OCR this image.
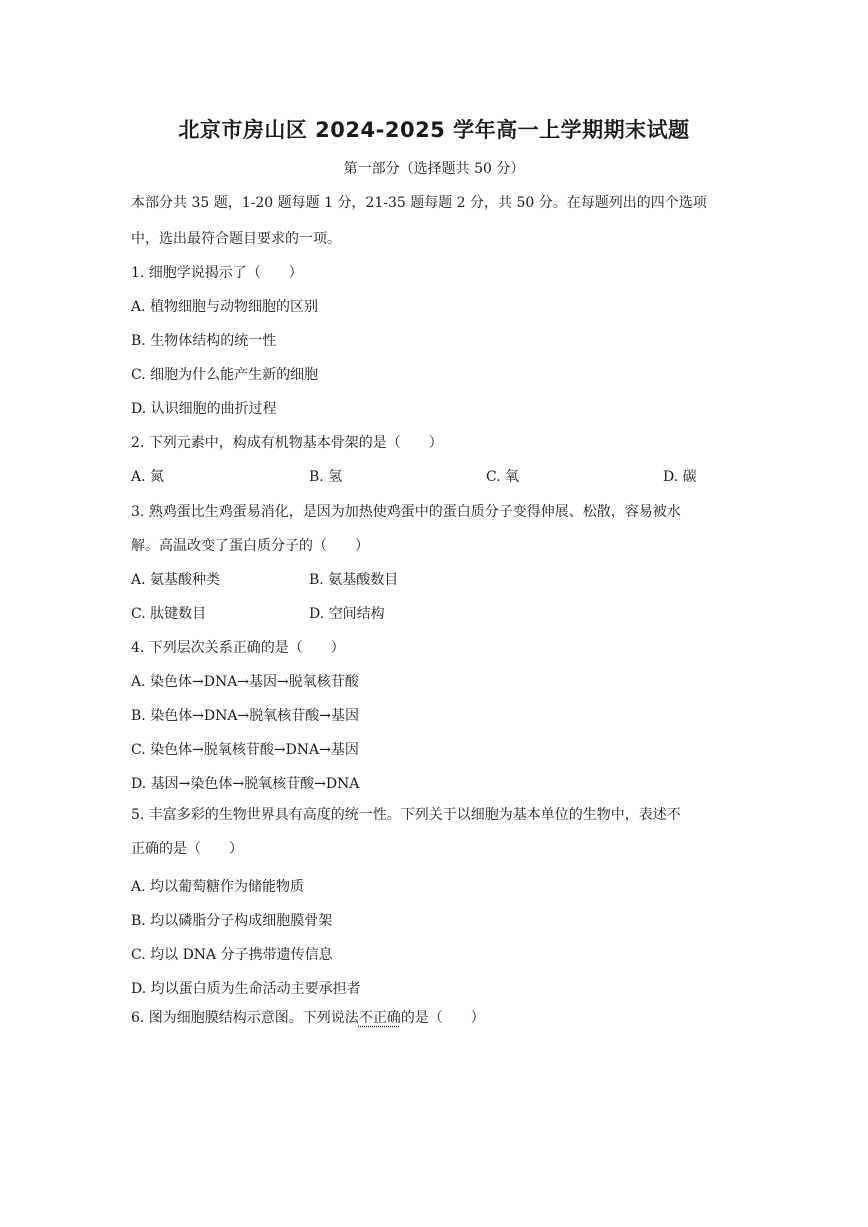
北京市房山区 2024-2025 学年高一上学期期末试题
第一部分（选择题共 50 分）
本部分共 35 题，1-20 题每题 1 分，21-35 题每题 2 分，共 50 分。在每题列出的四个选项
中，选出最符合题目要求的一项。
1. 细胞学说揭示了（　　）
A. 植物细胞与动物细胞的区别
B. 生物体结构的统一性
C. 细胞为什么能产生新的细胞
D. 认识细胞的曲折过程
2. 下列元素中，构成有机物基本骨架的是（　　）
A. 氮	B. 氢	C. 氧	D. 碳
3. 熟鸡蛋比生鸡蛋易消化，是因为加热使鸡蛋中的蛋白质分子变得伸展、松散，容易被水
解。高温改变了蛋白质分子的（　　）
A. 氨基酸种类	B. 氨基酸数目
C. 肽键数目	D. 空间结构
4. 下列层次关系正确的是（　　）
A. 染色体→DNA→基因→脱氧核苷酸
B. 染色体→DNA→脱氧核苷酸→基因
C. 染色体→脱氧核苷酸→DNA→基因
D. 基因→染色体→脱氧核苷酸→DNA
5. 丰富多彩的生物世界具有高度的统一性。下列关于以细胞为基本单位的生物中，表述不
正确的是（　　）
A. 均以葡萄糖作为储能物质
B. 均以磷脂分子构成细胞膜骨架
C. 均以 DNA 分子携带遗传信息
D. 均以蛋白质为生命活动主要承担者
6. 图为细胞膜结构示意图。下列说法不正确的是（　　）
